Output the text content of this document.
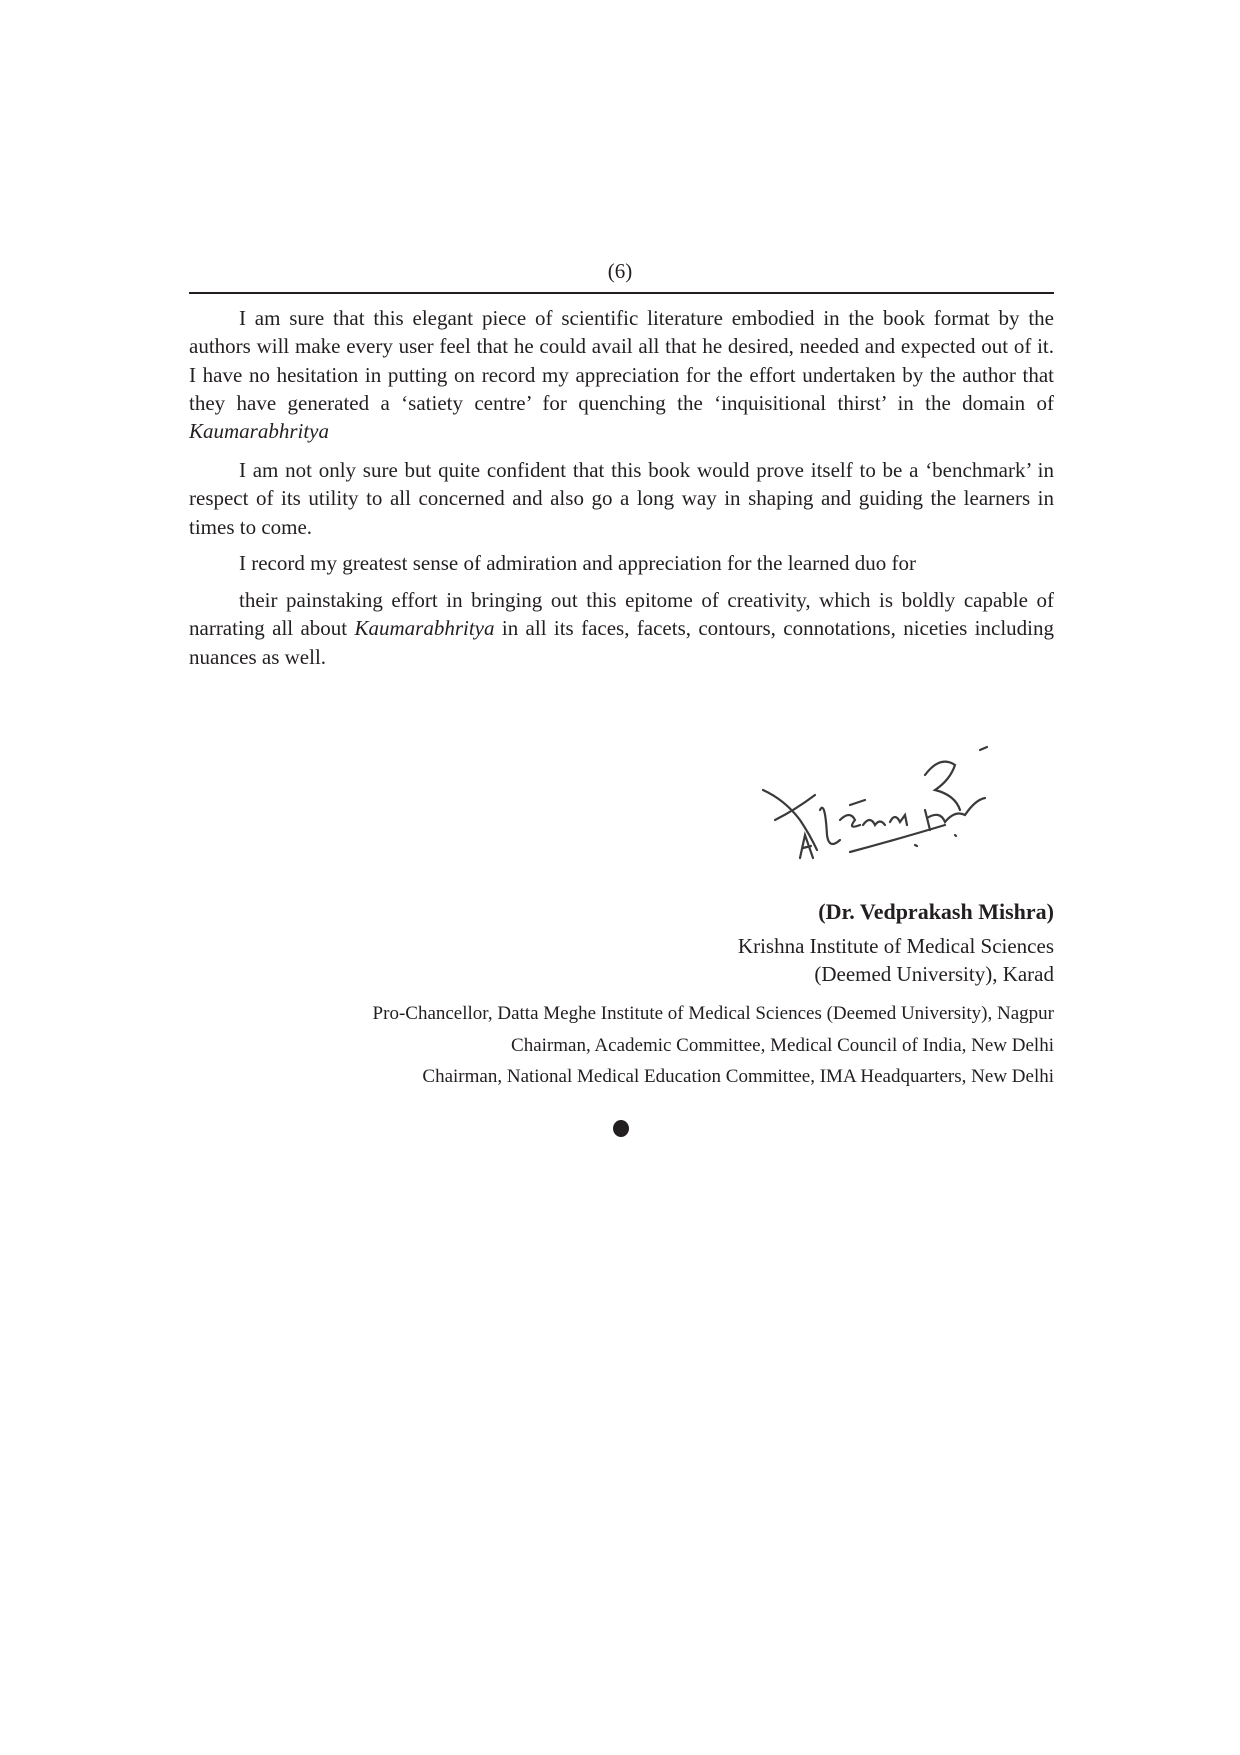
(6)

I am sure that this elegant piece of scientific literature embodied in the book format by the authors will make every user feel that he could avail all that he desired, needed and expected out of it. I have no hesitation in putting on record my appreciation for the effort undertaken by the author that they have generated a ‘satiety centre’ for quenching the ‘inquisitional thirst’ in the domain of Kaumarabhritya

I am not only sure but quite confident that this book would prove itself to be a ‘benchmark’ in respect of its utility to all concerned and also go a long way in shaping and guiding the learners in times to come.

I record my greatest sense of admiration and appreciation for the learned duo for

their painstaking effort in bringing out this epitome of creativity, which is boldly capable of narrating all about Kaumarabhritya in all its faces, facets, contours, connotations, niceties including nuances as well.

(Dr. Vedprakash Mishra)
Krishna Institute of Medical Sciences
(Deemed University), Karad
Pro-Chancellor, Datta Meghe Institute of Medical Sciences (Deemed University), Nagpur
Chairman, Academic Committee, Medical Council of India, New Delhi
Chairman, National Medical Education Committee, IMA Headquarters, New Delhi
